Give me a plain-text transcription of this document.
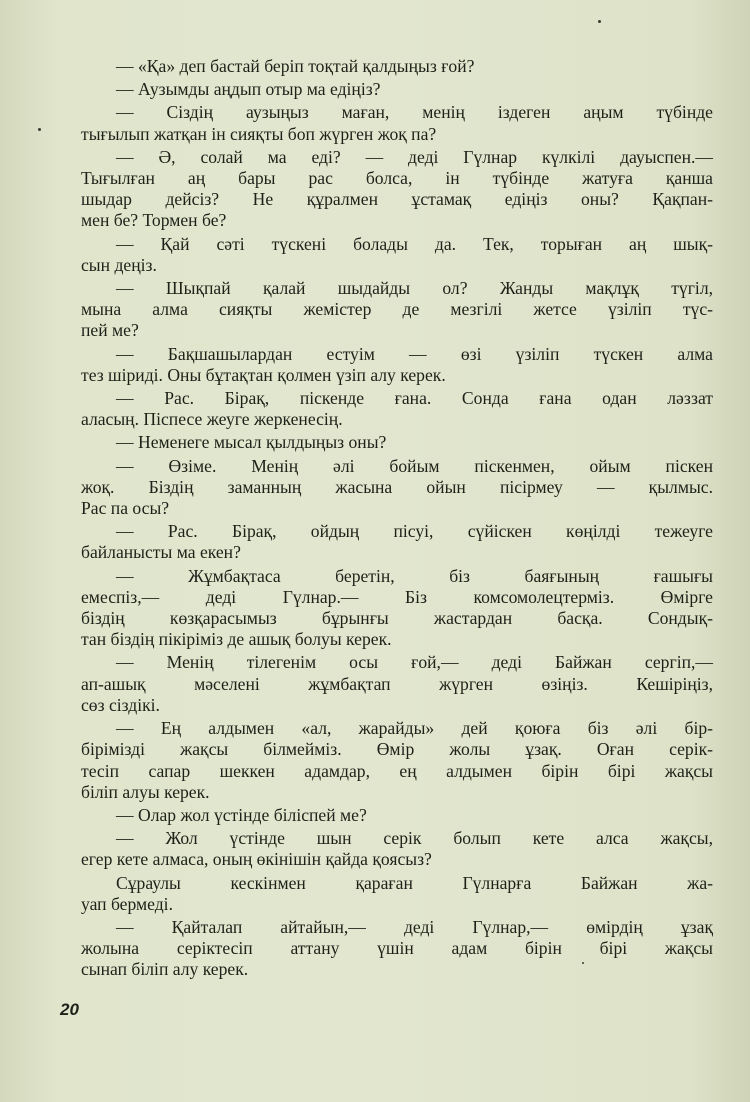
— «Қа» деп бастай беріп тоқтай қалдыңыз ғой?
— Аузымды аңдып отыр ма едіңіз?
— Сіздің аузыңыз маған, менің іздеген аңым түбінде
тығылып жатқан ін сияқты боп жүрген жоқ па?
— Ә, солай ма еді? — деді Гүлнар күлкілі дауыспен.—
Тығылған аң бары рас болса, ін түбінде жатуға қанша
шыдар дейсіз? Не құралмен ұстамақ едіңіз оны? Қақпан-
мен бе? Тормен бе?
— Қай сәті түскені болады да. Тек, торыған аң шық-
сын деңіз.
— Шықпай қалай шыдайды ол? Жанды мақлұқ түгіл,
мына алма сияқты жемістер де мезгілі жетсе үзіліп түс-
пей ме?
— Бақшашылардан естуім — өзі үзіліп түскен алма
тез шіриді. Оны бұтақтан қолмен үзіп алу керек.
— Рас. Бірақ, піскенде ғана. Сонда ғана одан ләззат
аласың. Піспесе жеуге жеркенесің.
— Неменеге мысал қылдыңыз оны?
— Өзіме. Менің әлі бойым піскенмен, ойым піскен
жоқ. Біздің заманның жасына ойын пісірмеу — қылмыс.
Рас па осы?
— Рас. Бірақ, ойдың пісуі, сүйіскен көңілді тежеуге
байланысты ма екен?
— Жұмбақтаса беретін, біз баяғының ғашығы
емеспіз,— деді Гүлнар.— Біз комсомолецтерміз. Өмірге
біздің көзқарасымыз бұрынғы жастардан басқа. Сондық-
тан біздің пікіріміз де ашық болуы керек.
— Менің тілегенім осы ғой,— деді Байжан сергіп,—
ап-ашық мәселені жұмбақтап жүрген өзіңіз. Кешіріңіз,
сөз сіздікі.
— Ең алдымен «ал, жарайды» дей қоюға біз әлі бір-
бірімізді жақсы білмейміз. Өмір жолы ұзақ. Оған серік-
тесіп сапар шеккен адамдар, ең алдымен бірін бірі жақсы
біліп алуы керек.
— Олар жол үстінде біліспей ме?
— Жол үстінде шын серік болып кете алса жақсы,
егер кете алмаса, оның өкінішін қайда қоясыз?
Сұраулы кескінмен қараған Гүлнарға Байжан жа-
уап бермеді.
— Қайталап айтайын,— деді Гүлнар,— өмірдің ұзақ
жолына серіктесіп аттану үшін адам бірін бірі жақсы
сынап біліп алу керек.
20
